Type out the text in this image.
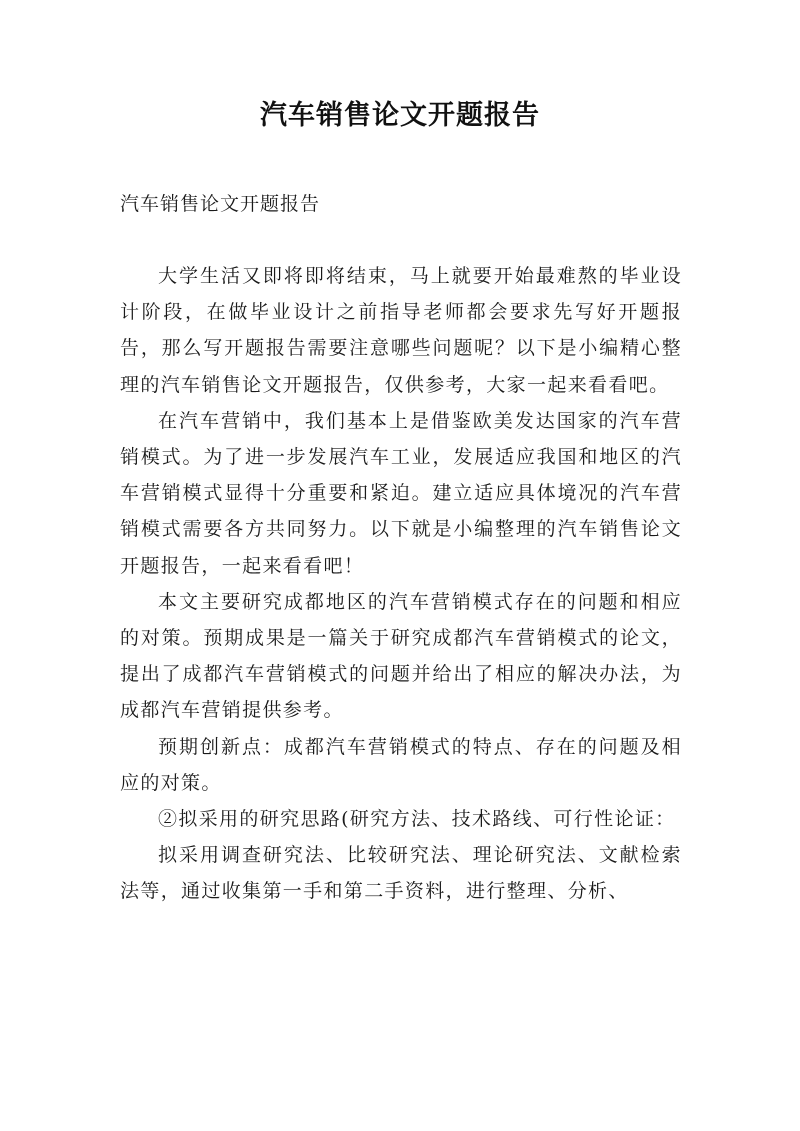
汽车销售论文开题报告

汽车销售论文开题报告

大学生活又即将即将结束，马上就要开始最难熬的毕业设计阶段，在做毕业设计之前指导老师都会要求先写好开题报告，那么写开题报告需要注意哪些问题呢？以下是小编精心整理的汽车销售论文开题报告，仅供参考，大家一起来看看吧。

在汽车营销中，我们基本上是借鉴欧美发达国家的汽车营销模式。为了进一步发展汽车工业，发展适应我国和地区的汽车营销模式显得十分重要和紧迫。建立适应具体境况的汽车营销模式需要各方共同努力。以下就是小编整理的汽车销售论文开题报告，一起来看看吧！

本文主要研究成都地区的汽车营销模式存在的问题和相应的对策。预期成果是一篇关于研究成都汽车营销模式的论文，提出了成都汽车营销模式的问题并给出了相应的解决办法，为成都汽车营销提供参考。

预期创新点：成都汽车营销模式的特点、存在的问题及相应的对策。

②拟采用的研究思路(研究方法、技术路线、可行性论证：

拟采用调查研究法、比较研究法、理论研究法、文献检索法等，通过收集第一手和第二手资料，进行整理、分析、
